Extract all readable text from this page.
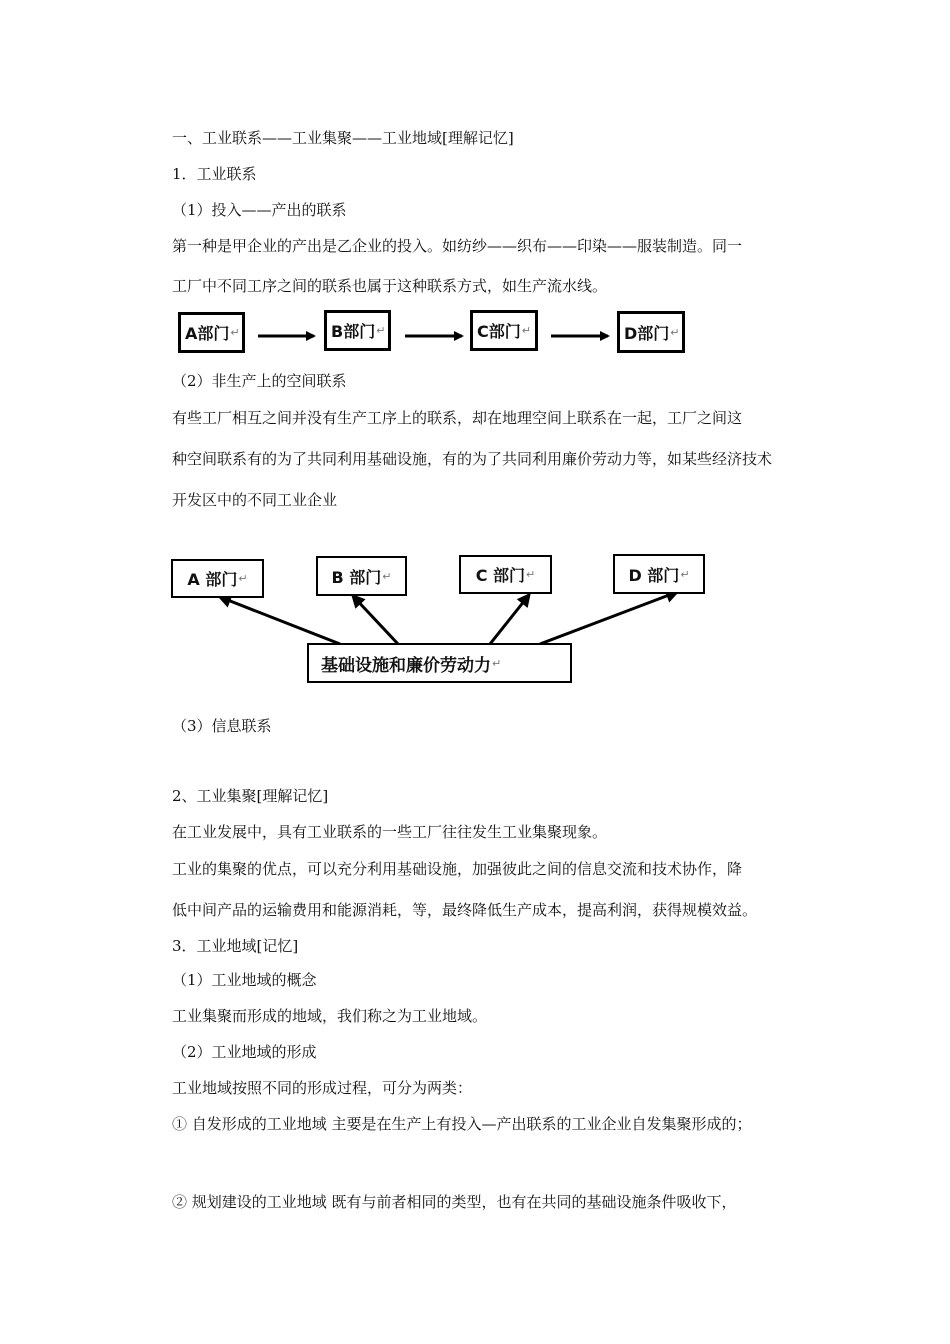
一、工业联系——工业集聚——工业地域[理解记忆]
1．工业联系
（1）投入——产出的联系
第一种是甲企业的产出是乙企业的投入。如纺纱——织布——印染——服装制造。同一
工厂中不同工序之间的联系也属于这种联系方式，如生产流水线。
A部门 ↵	B部门 ↵	C部门 ↵	D部门 ↵
（2）非生产上的空间联系
有些工厂相互之间并没有生产工序上的联系，却在地理空间上联系在一起，工厂之间这
种空间联系有的为了共同利用基础设施，有的为了共同利用廉价劳动力等，如某些经济技术
开发区中的不同工业企业
A 部门 ↵	B 部门 ↵	C 部门 ↵	D 部门 ↵
基础设施和廉价劳动力 ↵
（3）信息联系
2、工业集聚[理解记忆]
在工业发展中，具有工业联系的一些工厂往往发生工业集聚现象。
工业的集聚的优点，可以充分利用基础设施，加强彼此之间的信息交流和技术协作，降
低中间产品的运输费用和能源消耗，等，最终降低生产成本，提高利润，获得规模效益。
3．工业地域[记忆]
（1）工业地域的概念
工业集聚而形成的地域，我们称之为工业地域。
（2）工业地域的形成
工业地域按照不同的形成过程，可分为两类：
① 自发形成的工业地域 主要是在生产上有投入—产出联系的工业企业自发集聚形成的；
② 规划建设的工业地域 既有与前者相同的类型，也有在共同的基础设施条件吸收下，
